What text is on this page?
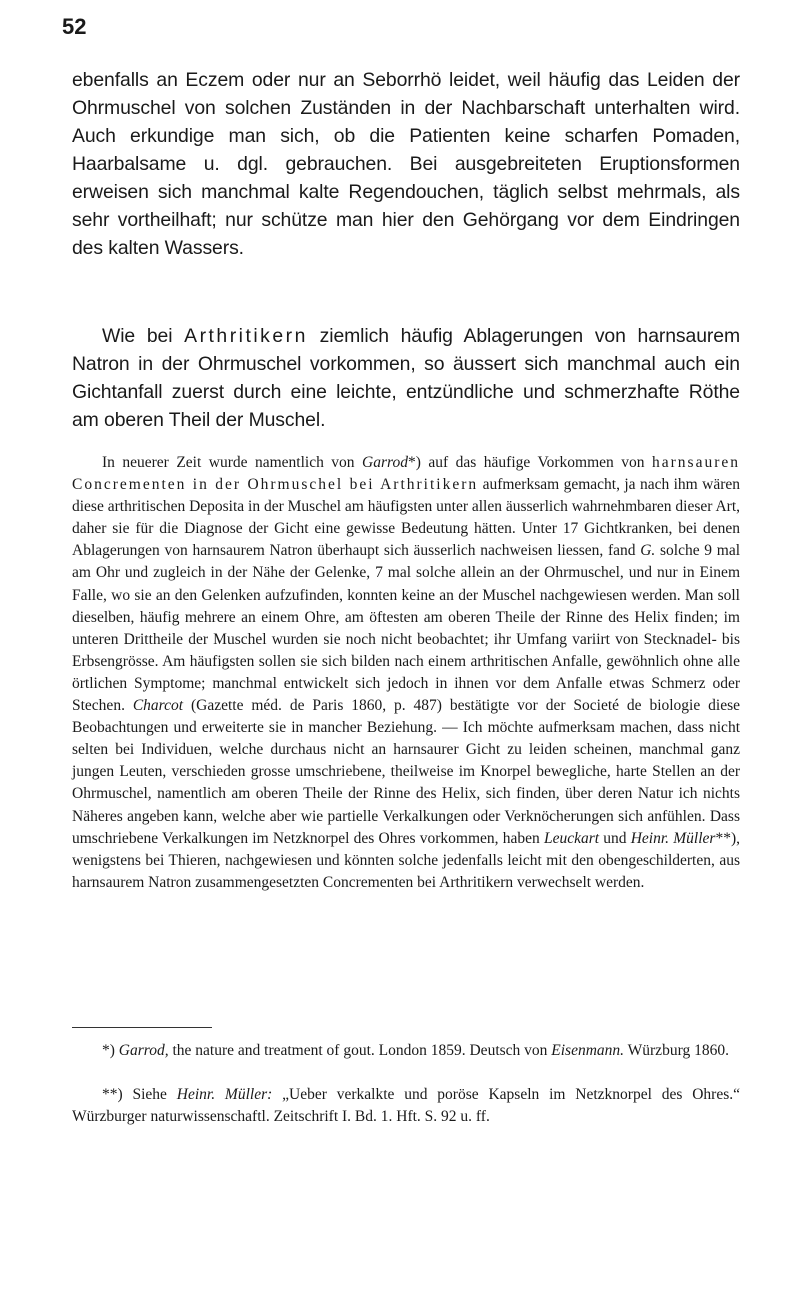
52

ebenfalls an Eczem oder nur an Seborrhö leidet, weil häufig das Leiden der Ohrmuschel von solchen Zuständen in der Nachbarschaft unterhalten wird. Auch erkundige man sich, ob die Patienten keine scharfen Pomaden, Haarbalsame u. dgl. gebrauchen. Bei ausgebreiteten Eruptionsformen erweisen sich manchmal kalte Regendouchen, täglich selbst mehrmals, als sehr vortheilhaft; nur schütze man hier den Gehörgang vor dem Eindringen des kalten Wassers.

Wie bei Arthritikern ziemlich häufig Ablagerungen von harnsaurem Natron in der Ohrmuschel vorkommen, so äussert sich manchmal auch ein Gichtanfall zuerst durch eine leichte, entzündliche und schmerzhafte Röthe am oberen Theil der Muschel.

In neuerer Zeit wurde namentlich von Garrod*) auf das häufige Vorkommen von harnsauren Concrementen in der Ohrmuschel bei Arthritikern aufmerksam gemacht, ja nach ihm wären diese arthritischen Deposita in der Muschel am häufigsten unter allen äusserlich wahrnehmbaren dieser Art, daher sie für die Diagnose der Gicht eine gewisse Bedeutung hätten. Unter 17 Gichtkranken, bei denen Ablagerungen von harnsaurem Natron überhaupt sich äusserlich nachweisen liessen, fand G. solche 9 mal am Ohr und zugleich in der Nähe der Gelenke, 7 mal solche allein an der Ohrmuschel, und nur in Einem Falle, wo sie an den Gelenken aufzufinden, konnten keine an der Muschel nachgewiesen werden. Man soll dieselben, häufig mehrere an einem Ohre, am öftesten am oberen Theile der Rinne des Helix finden; im unteren Drittheile der Muschel wurden sie noch nicht beobachtet; ihr Umfang variirt von Stecknadel- bis Erbsengrösse. Am häufigsten sollen sie sich bilden nach einem arthritischen Anfalle, gewöhnlich ohne alle örtlichen Symptome; manchmal entwickelt sich jedoch in ihnen vor dem Anfalle etwas Schmerz oder Stechen. Charcot (Gazette méd. de Paris 1860, p. 487) bestätigte vor der Societé de biologie diese Beobachtungen und erweiterte sie in mancher Beziehung. — Ich möchte aufmerksam machen, dass nicht selten bei Individuen, welche durchaus nicht an harnsaurer Gicht zu leiden scheinen, manchmal ganz jungen Leuten, verschieden grosse umschriebene, theilweise im Knorpel bewegliche, harte Stellen an der Ohrmuschel, namentlich am oberen Theile der Rinne des Helix, sich finden, über deren Natur ich nichts Näheres angeben kann, welche aber wie partielle Verkalkungen oder Verknöcherungen sich anfühlen. Dass umschriebene Verkalkungen im Netzknorpel des Ohres vorkommen, haben Leuckart und Heinr. Müller**), wenigstens bei Thieren, nachgewiesen und könnten solche jedenfalls leicht mit den obengeschilderten, aus harnsaurem Natron zusammengesetzten Concrementen bei Arthritikern verwechselt werden.

*) Garrod, the nature and treatment of gout. London 1859. Deutsch von Eisenmann. Würzburg 1860.

**) Siehe Heinr. Müller: „Ueber verkalkte und poröse Kapseln im Netzknorpel des Ohres.“ Würzburger naturwissenschaftl. Zeitschrift I. Bd. 1. Hft. S. 92 u. ff.
